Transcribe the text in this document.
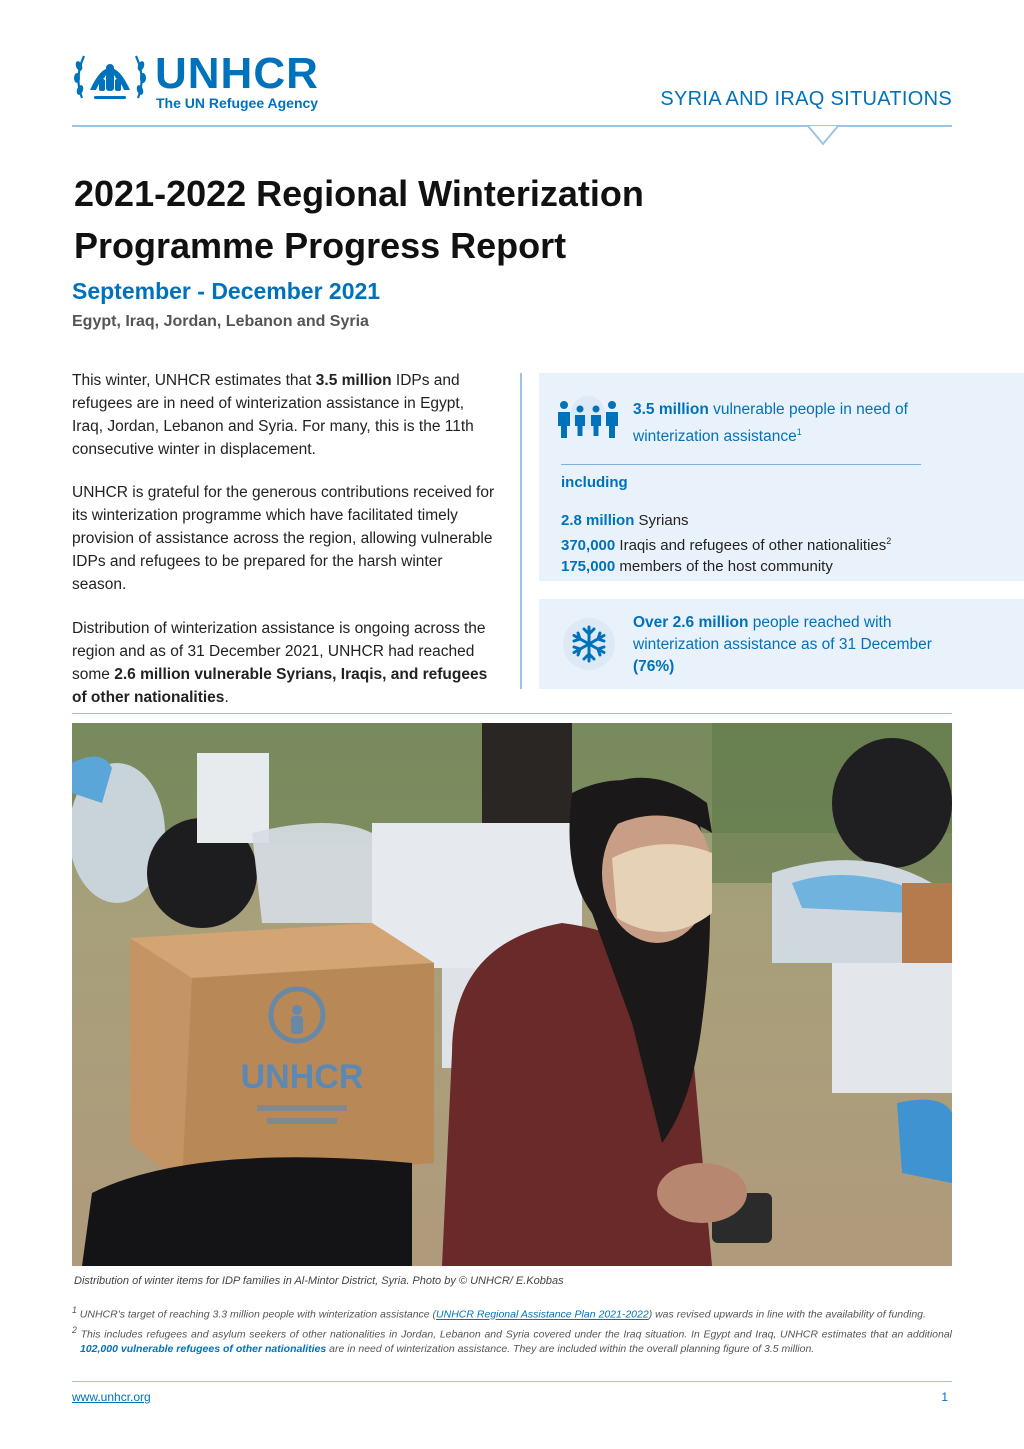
UNHCR
The UN Refugee Agency	SYRIA AND IRAQ SITUATIONS
2021-2022 Regional Winterization
Programme Progress Report
September - December 2021
Egypt, Iraq, Jordan, Lebanon and Syria

This winter, UNHCR estimates that 3.5 million IDPs and refugees are in need of winterization assistance in Egypt, Iraq, Jordan, Lebanon and Syria. For many, this is the 11th consecutive winter in displacement.

UNHCR is grateful for the generous contributions received for its winterization programme which have facilitated timely provision of assistance across the region, allowing vulnerable IDPs and refugees to be prepared for the harsh winter season.

Distribution of winterization assistance is ongoing across the region and as of 31 December 2021, UNHCR had reached some 2.6 million vulnerable Syrians, Iraqis, and refugees of other nationalities.

3.5 million vulnerable people in need of winterization assistance$^1$
including
2.8 million Syrians
370,000 Iraqis and refugees of other nationalities$^2$
175,000 members of the host community
Over 2.6 million people reached with winterization assistance as of 31 December (76%)
UNHCR
Distribution of winter items for IDP families in Al-Mintor District, Syria. Photo by © UNHCR/ E.Kobbas

$^1$ UNHCR's target of reaching 3.3 million people with winterization assistance (UNHCR Regional Assistance Plan 2021-2022) was revised upwards in line with the availability of funding.

$^2$ This includes refugees and asylum seekers of other nationalities in Jordan, Lebanon and Syria covered under the Iraq situation. In Egypt and Iraq, UNHCR estimates that an additional 102,000 vulnerable refugees of other nationalities are in need of winterization assistance. They are included within the overall planning figure of 3.5 million.

www.unhcr.org	1
